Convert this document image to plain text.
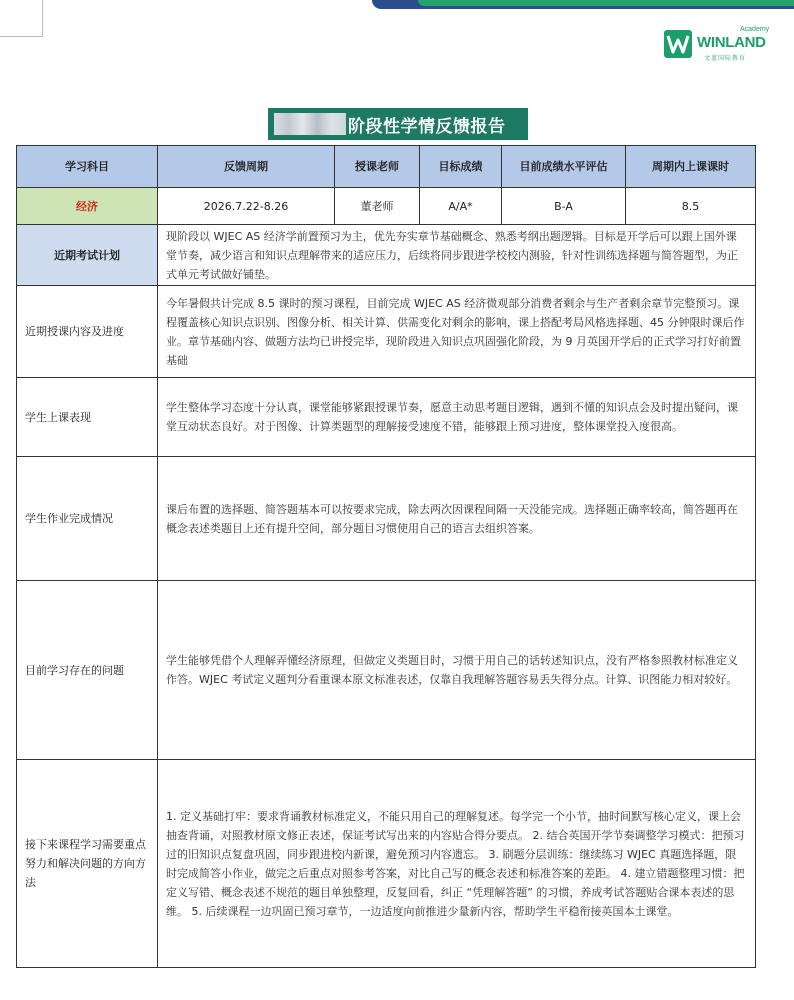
Academy
WINLAND
文蓝国际教育
阶段性学情反馈报告
学习科目	反馈周期	授课老师	目标成绩	目前成绩水平评估	周期内上课课时
经济	2026.7.22-8.26	董老师	A/A*	B-A	8.5
近期考试计划	现阶段以 WJEC AS 经济学前置预习为主，优先夯实章节基础概念、熟悉考纲出题逻辑。目标是开学后可以跟上国外课堂节奏，减少语言和知识点理解带来的适应压力，后续将同步跟进学校校内测验，针对性训练选择题与简答题型，为正式单元考试做好铺垫。				
近期授课内容及进度	今年暑假共计完成 8.5 课时的预习课程，目前完成 WJEC AS 经济微观部分消费者剩余与生产者剩余章节完整预习。课程覆盖核心知识点识别、图像分析、相关计算、供需变化对剩余的影响，课上搭配考局风格选择题、45 分钟限时课后作业。章节基础内容、做题方法均已讲授完毕，现阶段进入知识点巩固强化阶段，为 9 月英国开学后的正式学习打好前置基础				
学生上课表现	学生整体学习态度十分认真，课堂能够紧跟授课节奏，愿意主动思考题目逻辑，遇到不懂的知识点会及时提出疑问，课堂互动状态良好。对于图像、计算类题型的理解接受速度不错，能够跟上预习进度，整体课堂投入度很高。				
学生作业完成情况	课后布置的选择题、简答题基本可以按要求完成，除去两次因课程间隔一天没能完成。选择题正确率较高，简答题再在概念表述类题目上还有提升空间，部分题目习惯使用自己的语言去组织答案。				
目前学习存在的问题	学生能够凭借个人理解弄懂经济原理，但做定义类题目时，习惯于用自己的话转述知识点，没有严格参照教材标准定义作答。WJEC 考试定义题判分看重课本原文标准表述，仅靠自我理解答题容易丢失得分点。计算、识图能力相对较好。				
接下来课程学习需要重点努力和解决问题的方向方法	1. 定义基础打牢：要求背诵教材标准定义，不能只用自己的理解复述。每学完一个小节，抽时间默写核心定义，课上会抽查背诵，对照教材原文修正表述，保证考试写出来的内容贴合得分要点。 2. 结合英国开学节奏调整学习模式：把预习过的旧知识点复盘巩固，同步跟进校内新课，避免预习内容遗忘。 3. 刷题分层训练：继续练习 WJEC 真题选择题，限时完成简答小作业，做完之后重点对照参考答案，对比自己写的概念表述和标准答案的差距。 4. 建立错题整理习惯：把定义写错、概念表述不规范的题目单独整理，反复回看，纠正 “凭理解答题” 的习惯，养成考试答题贴合课本表述的思维。 5. 后续课程一边巩固已预习章节，一边适度向前推进少量新内容，帮助学生平稳衔接英国本土课堂。				
